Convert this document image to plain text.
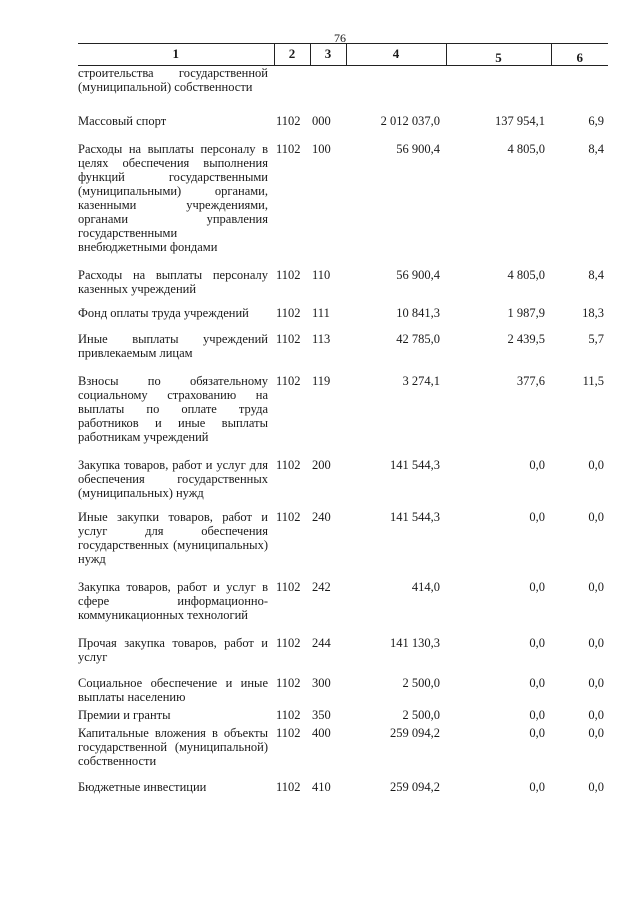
76
1	2	3	4	5	6
строительства государственной (муниципальной) собственности					
Массовый спорт	1102	000	2 012 037,0	137 954,1	6,9
Расходы на выплаты персоналу в целях обеспечения выполнения функций государственными (муниципальными) органами, казенными учреждениями, органами управления государственными внебюджетными фондами	1102	100	56 900,4	4 805,0	8,4
Расходы на выплаты персоналу казенных учреждений	1102	110	56 900,4	4 805,0	8,4
Фонд оплаты труда учреждений	1102	111	10 841,3	1 987,9	18,3
Иные выплаты учреждений привлекаемым лицам	1102	113	42 785,0	2 439,5	5,7
Взносы по обязательному социальному страхованию на выплаты по оплате труда работников и иные выплаты работникам учреждений	1102	119	3 274,1	377,6	11,5
Закупка товаров, работ и услуг для обеспечения государственных (муниципальных) нужд	1102	200	141 544,3	0,0	0,0
Иные закупки товаров, работ и услуг для обеспечения государственных (муниципальных) нужд	1102	240	141 544,3	0,0	0,0
Закупка товаров, работ и услуг в сфере информационно-коммуникационных технологий	1102	242	414,0	0,0	0,0
Прочая закупка товаров, работ и услуг	1102	244	141 130,3	0,0	0,0
Социальное обеспечение и иные выплаты населению	1102	300	2 500,0	0,0	0,0
Премии и гранты	1102	350	2 500,0	0,0	0,0
Капитальные вложения в объекты государственной (муниципальной) собственности	1102	400	259 094,2	0,0	0,0
Бюджетные инвестиции	1102	410	259 094,2	0,0	0,0
